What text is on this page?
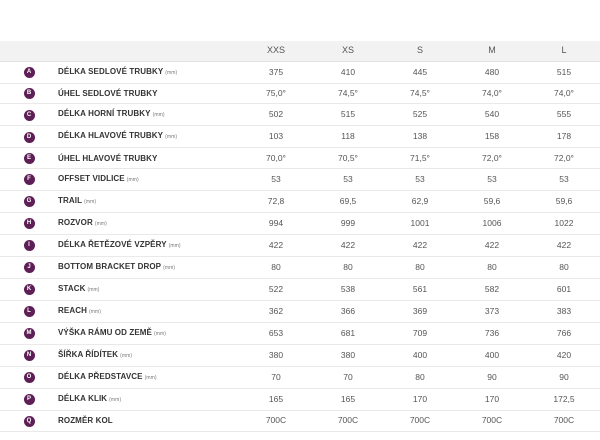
		XXS	XS	S	M	L
A	DÉLKA SEDLOVÉ TRUBKY (mm)	375	410	445	480	515
B	ÚHEL SEDLOVÉ TRUBKY	75,0°	74,5°	74,5°	74,0°	74,0°
C	DÉLKA HORNÍ TRUBKY (mm)	502	515	525	540	555
D	DÉLKA HLAVOVÉ TRUBKY (mm)	103	118	138	158	178
E	ÚHEL HLAVOVÉ TRUBKY	70,0°	70,5°	71,5°	72,0°	72,0°
F	OFFSET VIDLICE (mm)	53	53	53	53	53
G	TRAIL (mm)	72,8	69,5	62,9	59,6	59,6
H	ROZVOR (mm)	994	999	1001	1006	1022
I	DÉLKA ŘETĚZOVÉ VZPĚRY (mm)	422	422	422	422	422
J	BOTTOM BRACKET DROP (mm)	80	80	80	80	80
K	STACK (mm)	522	538	561	582	601
L	REACH (mm)	362	366	369	373	383
M	VÝŠKA RÁMU OD ZEMĚ (mm)	653	681	709	736	766
N	ŠÍŘKA ŘÍDÍTEK (mm)	380	380	400	400	420
O	DÉLKA PŘEDSTAVCE (mm)	70	70	80	90	90
P	DÉLKA KLIK (mm)	165	165	170	170	172,5
Q	ROZMĚR KOL	700C	700C	700C	700C	700C
